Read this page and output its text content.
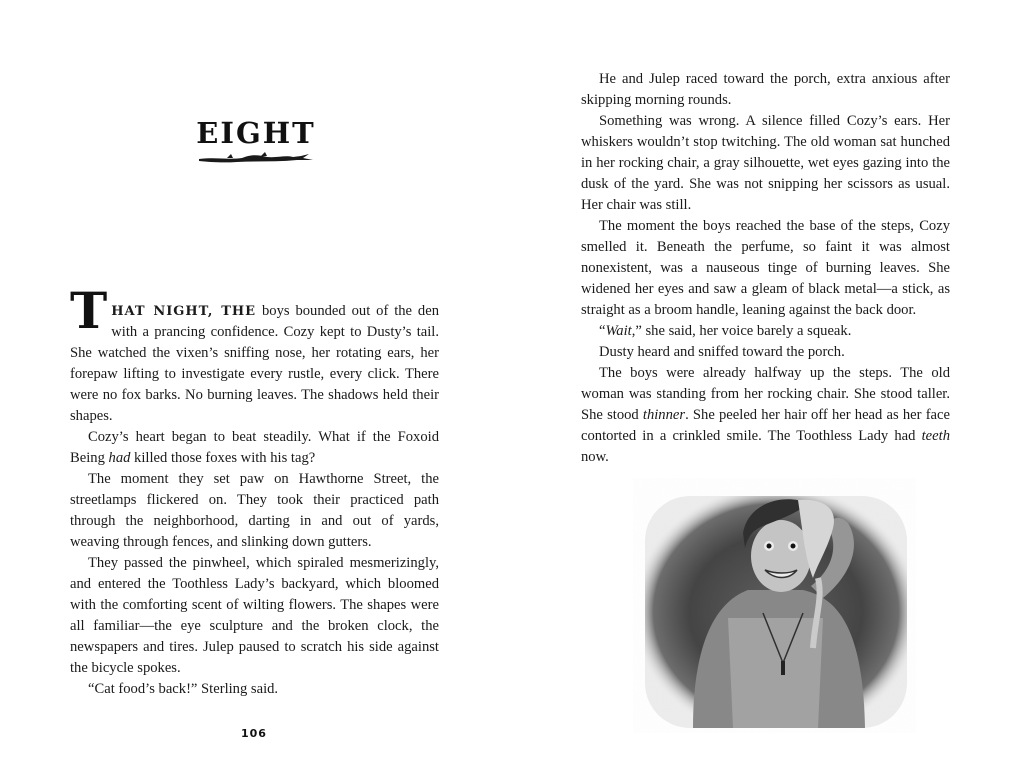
EIGHT

THAT NIGHT, THE boys bounded out of the den with a prancing confidence. Cozy kept to Dusty’s tail. She watched the vixen’s sniffing nose, her rotating ears, her forepaw lifting to investigate every rustle, every click. There were no fox barks. No burning leaves. The shadows held their shapes.

Cozy’s heart began to beat steadily. What if the Foxoid Being had killed those foxes with his tag?

The moment they set paw on Hawthorne Street, the streetlamps flickered on. They took their practiced path through the neighborhood, darting in and out of yards, weaving through fences, and slinking down gutters.

They passed the pinwheel, which spiraled mesmerizingly, and entered the Toothless Lady’s backyard, which bloomed with the comforting scent of wilting flowers. The shapes were all familiar—the eye sculpture and the broken clock, the newspapers and tires. Julep paused to scratch his side against the bicycle spokes.

“Cat food’s back!” Sterling said.

106

He and Julep raced toward the porch, extra anxious after skipping morning rounds.

Something was wrong. A silence filled Cozy’s ears. Her whiskers wouldn’t stop twitching. The old woman sat hunched in her rocking chair, a gray silhouette, wet eyes gazing into the dusk of the yard. She was not snipping her scissors as usual. Her chair was still.

The moment the boys reached the base of the steps, Cozy smelled it. Beneath the perfume, so faint it was almost nonexistent, was a nauseous tinge of burning leaves. She widened her eyes and saw a gleam of black metal—a stick, as straight as a broom handle, leaning against the back door.

“Wait,” she said, her voice barely a squeak.

Dusty heard and sniffed toward the porch.

The boys were already halfway up the steps. The old woman was standing from her rocking chair. She stood taller. She stood thinner. She peeled her hair off her head as her face contorted in a crinkled smile. The Toothless Lady had teeth now.
